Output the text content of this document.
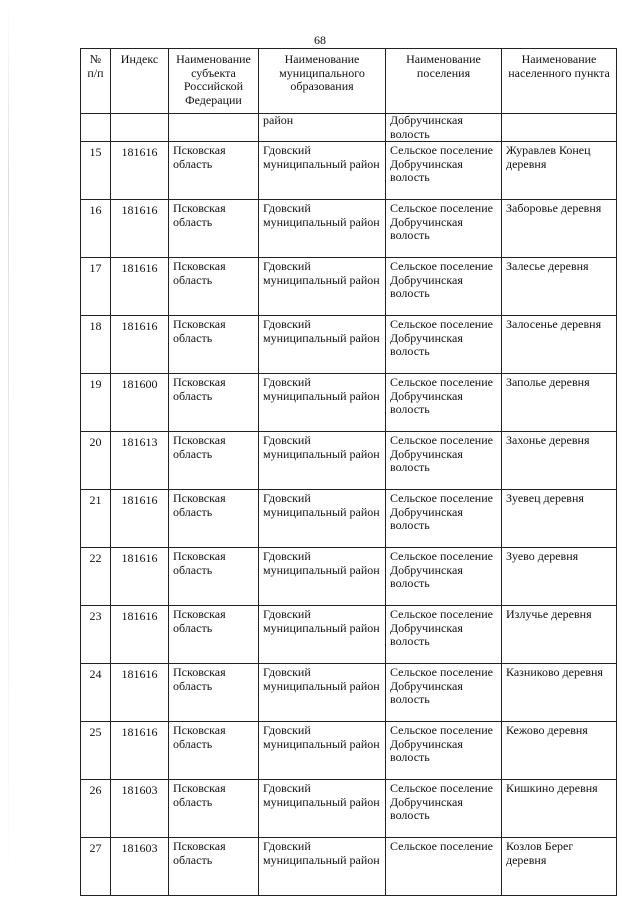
68
№ п/п	Индекс	Наименование субъекта Российской Федерации	Наименование муниципального образования	Наименование поселения	Наименование населенного пункта
			район	Добручинская волость	
15	181616	Псковская область	Гдовский муниципальный район	Сельское поселение Добручинская волость	Журавлев Конец деревня
16	181616	Псковская область	Гдовский муниципальный район	Сельское поселение Добручинская волость	Заборовье деревня
17	181616	Псковская область	Гдовский муниципальный район	Сельское поселение Добручинская волость	Залесье деревня
18	181616	Псковская область	Гдовский муниципальный район	Сельское поселение Добручинская волость	Залосенье деревня
19	181600	Псковская область	Гдовский муниципальный район	Сельское поселение Добручинская волость	Заполье деревня
20	181613	Псковская область	Гдовский муниципальный район	Сельское поселение Добручинская волость	Захонье деревня
21	181616	Псковская область	Гдовский муниципальный район	Сельское поселение Добручинская волость	Зуевец деревня
22	181616	Псковская область	Гдовский муниципальный район	Сельское поселение Добручинская волость	Зуево деревня
23	181616	Псковская область	Гдовский муниципальный район	Сельское поселение Добручинская волость	Излучье деревня
24	181616	Псковская область	Гдовский муниципальный район	Сельское поселение Добручинская волость	Казниково деревня
25	181616	Псковская область	Гдовский муниципальный район	Сельское поселение Добручинская волость	Кежово деревня
26	181603	Псковская область	Гдовский муниципальный район	Сельское поселение Добручинская волость	Кишкино деревня
27	181603	Псковская область	Гдовский муниципальный район	Сельское поселение	Козлов Берег деревня
